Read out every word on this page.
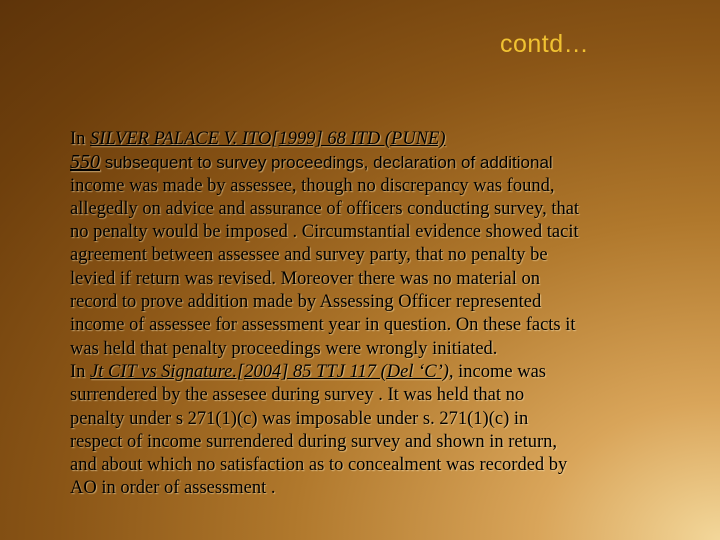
contd…
In SILVER PALACE V. ITO[1999] 68 ITD (PUNE)
550 subsequent to survey proceedings, declaration of additional
income was made by assessee, though no discrepancy was found,
allegedly on advice and assurance of officers conducting survey, that
no penalty would be imposed . Circumstantial evidence showed tacit
agreement between assessee and survey party, that no penalty be
levied if return was revised. Moreover there was no material on
record to prove addition made by Assessing Officer represented
income of assessee for assessment year in question. On these facts it
was held that penalty proceedings were wrongly initiated.
In Jt CIT vs Signature.[2004] 85 TTJ 117 (Del ‘C’), income was
surrendered by the assesee during survey . It was held that no
penalty under s 271(1)(c) was imposable under s. 271(1)(c) in
respect of income surrendered during survey and shown in return,
and about which no satisfaction as to concealment was recorded by
AO in order of assessment .
